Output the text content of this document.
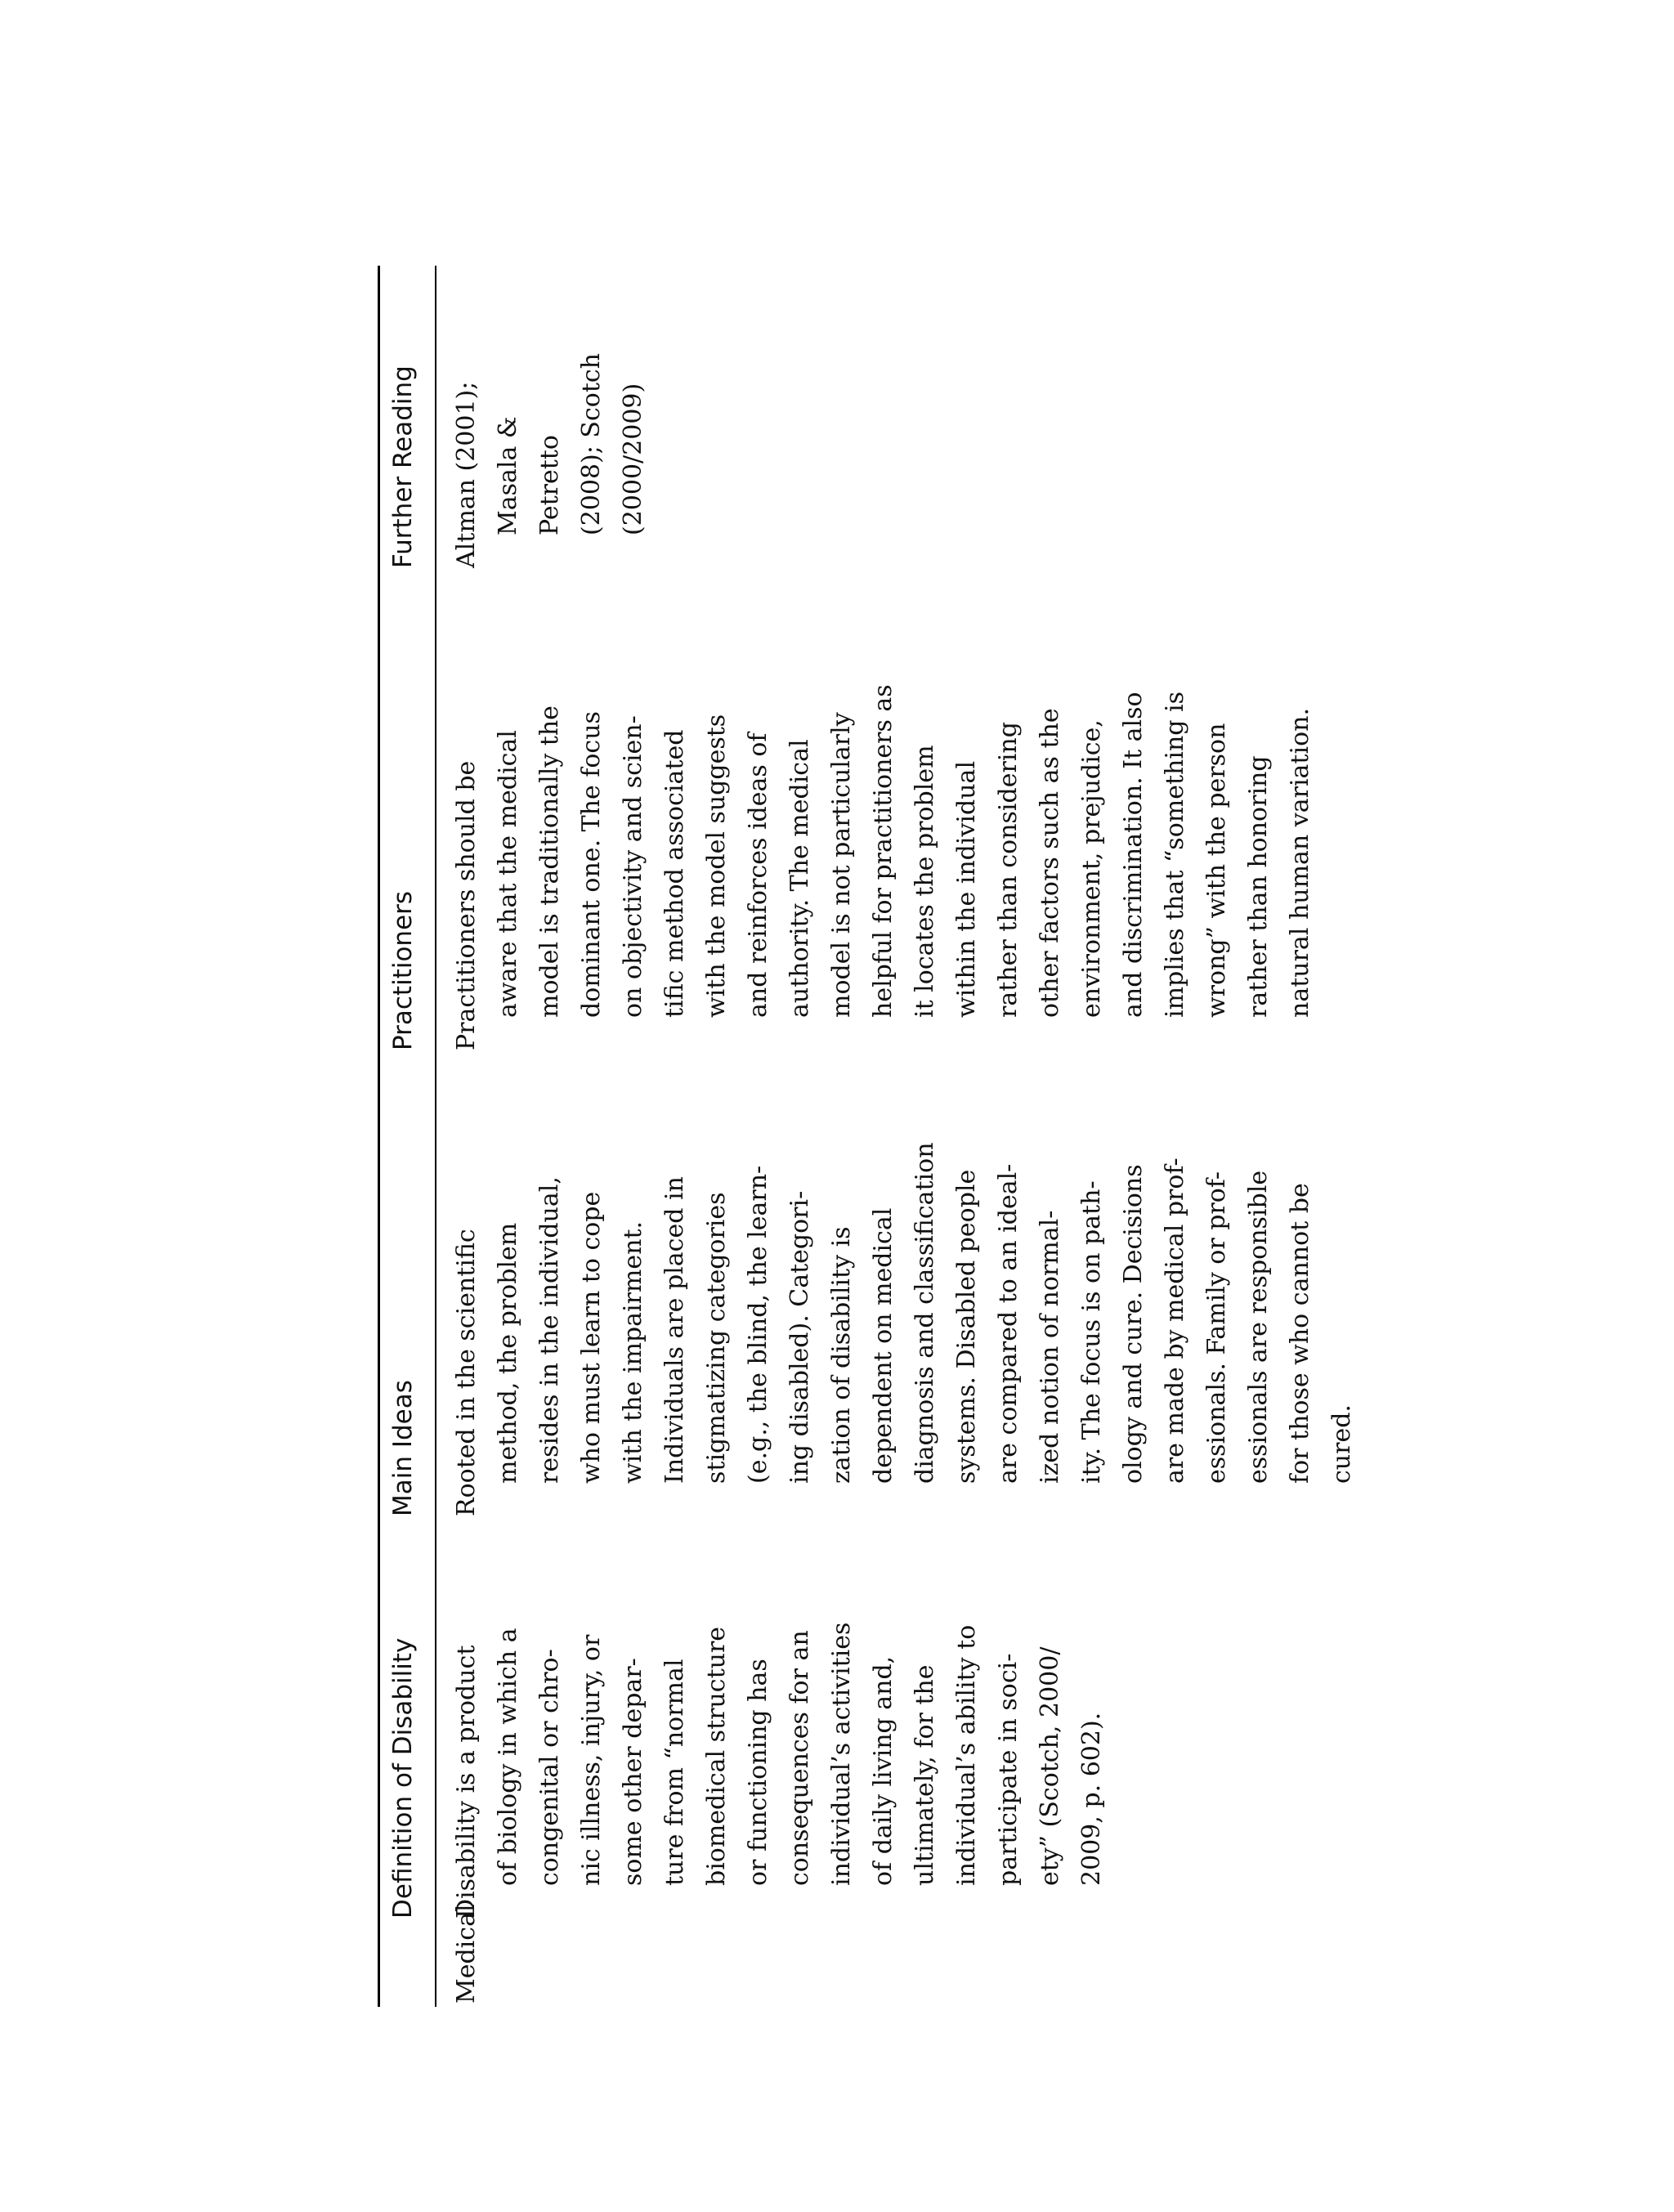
Definition of Disability
Main Ideas
Practitioners
Further Reading
Medical
Disability is a product of biology in which a congenital or chro- nic illness, injury, or some other depar- ture from “normal biomedical structure or functioning has consequences for an individual’s activities of daily living and, ultimately, for the individual’s ability to participate in soci- ety” (Scotch, 2000/ 2009, p. 602).
Rooted in the scientific method, the problem resides in the individual, who must learn to cope with the impairment. Individuals are placed in stigmatizing categories (e.g., the blind, the learn- ing disabled). Categori- zation of disability is dependent on medical diagnosis and classification systems. Disabled people are compared to an ideal- ized notion of normal- ity. The focus is on path- ology and cure. Decisions are made by medical prof- essionals. Family or prof- essionals are responsible for those who cannot be cured.
Practitioners should be aware that the medical model is traditionally the dominant one. The focus on objectivity and scien- tific method associated with the model suggests and reinforces ideas of authority. The medical model is not particularly helpful for practitioners as it locates the problem within the individual rather than considering other factors such as the environment, prejudice, and discrimination. It also implies that “something is wrong” with the person rather than honoring natural human variation.
Altman (2001); Masala & Petretto (2008); Scotch (2000/2009)
